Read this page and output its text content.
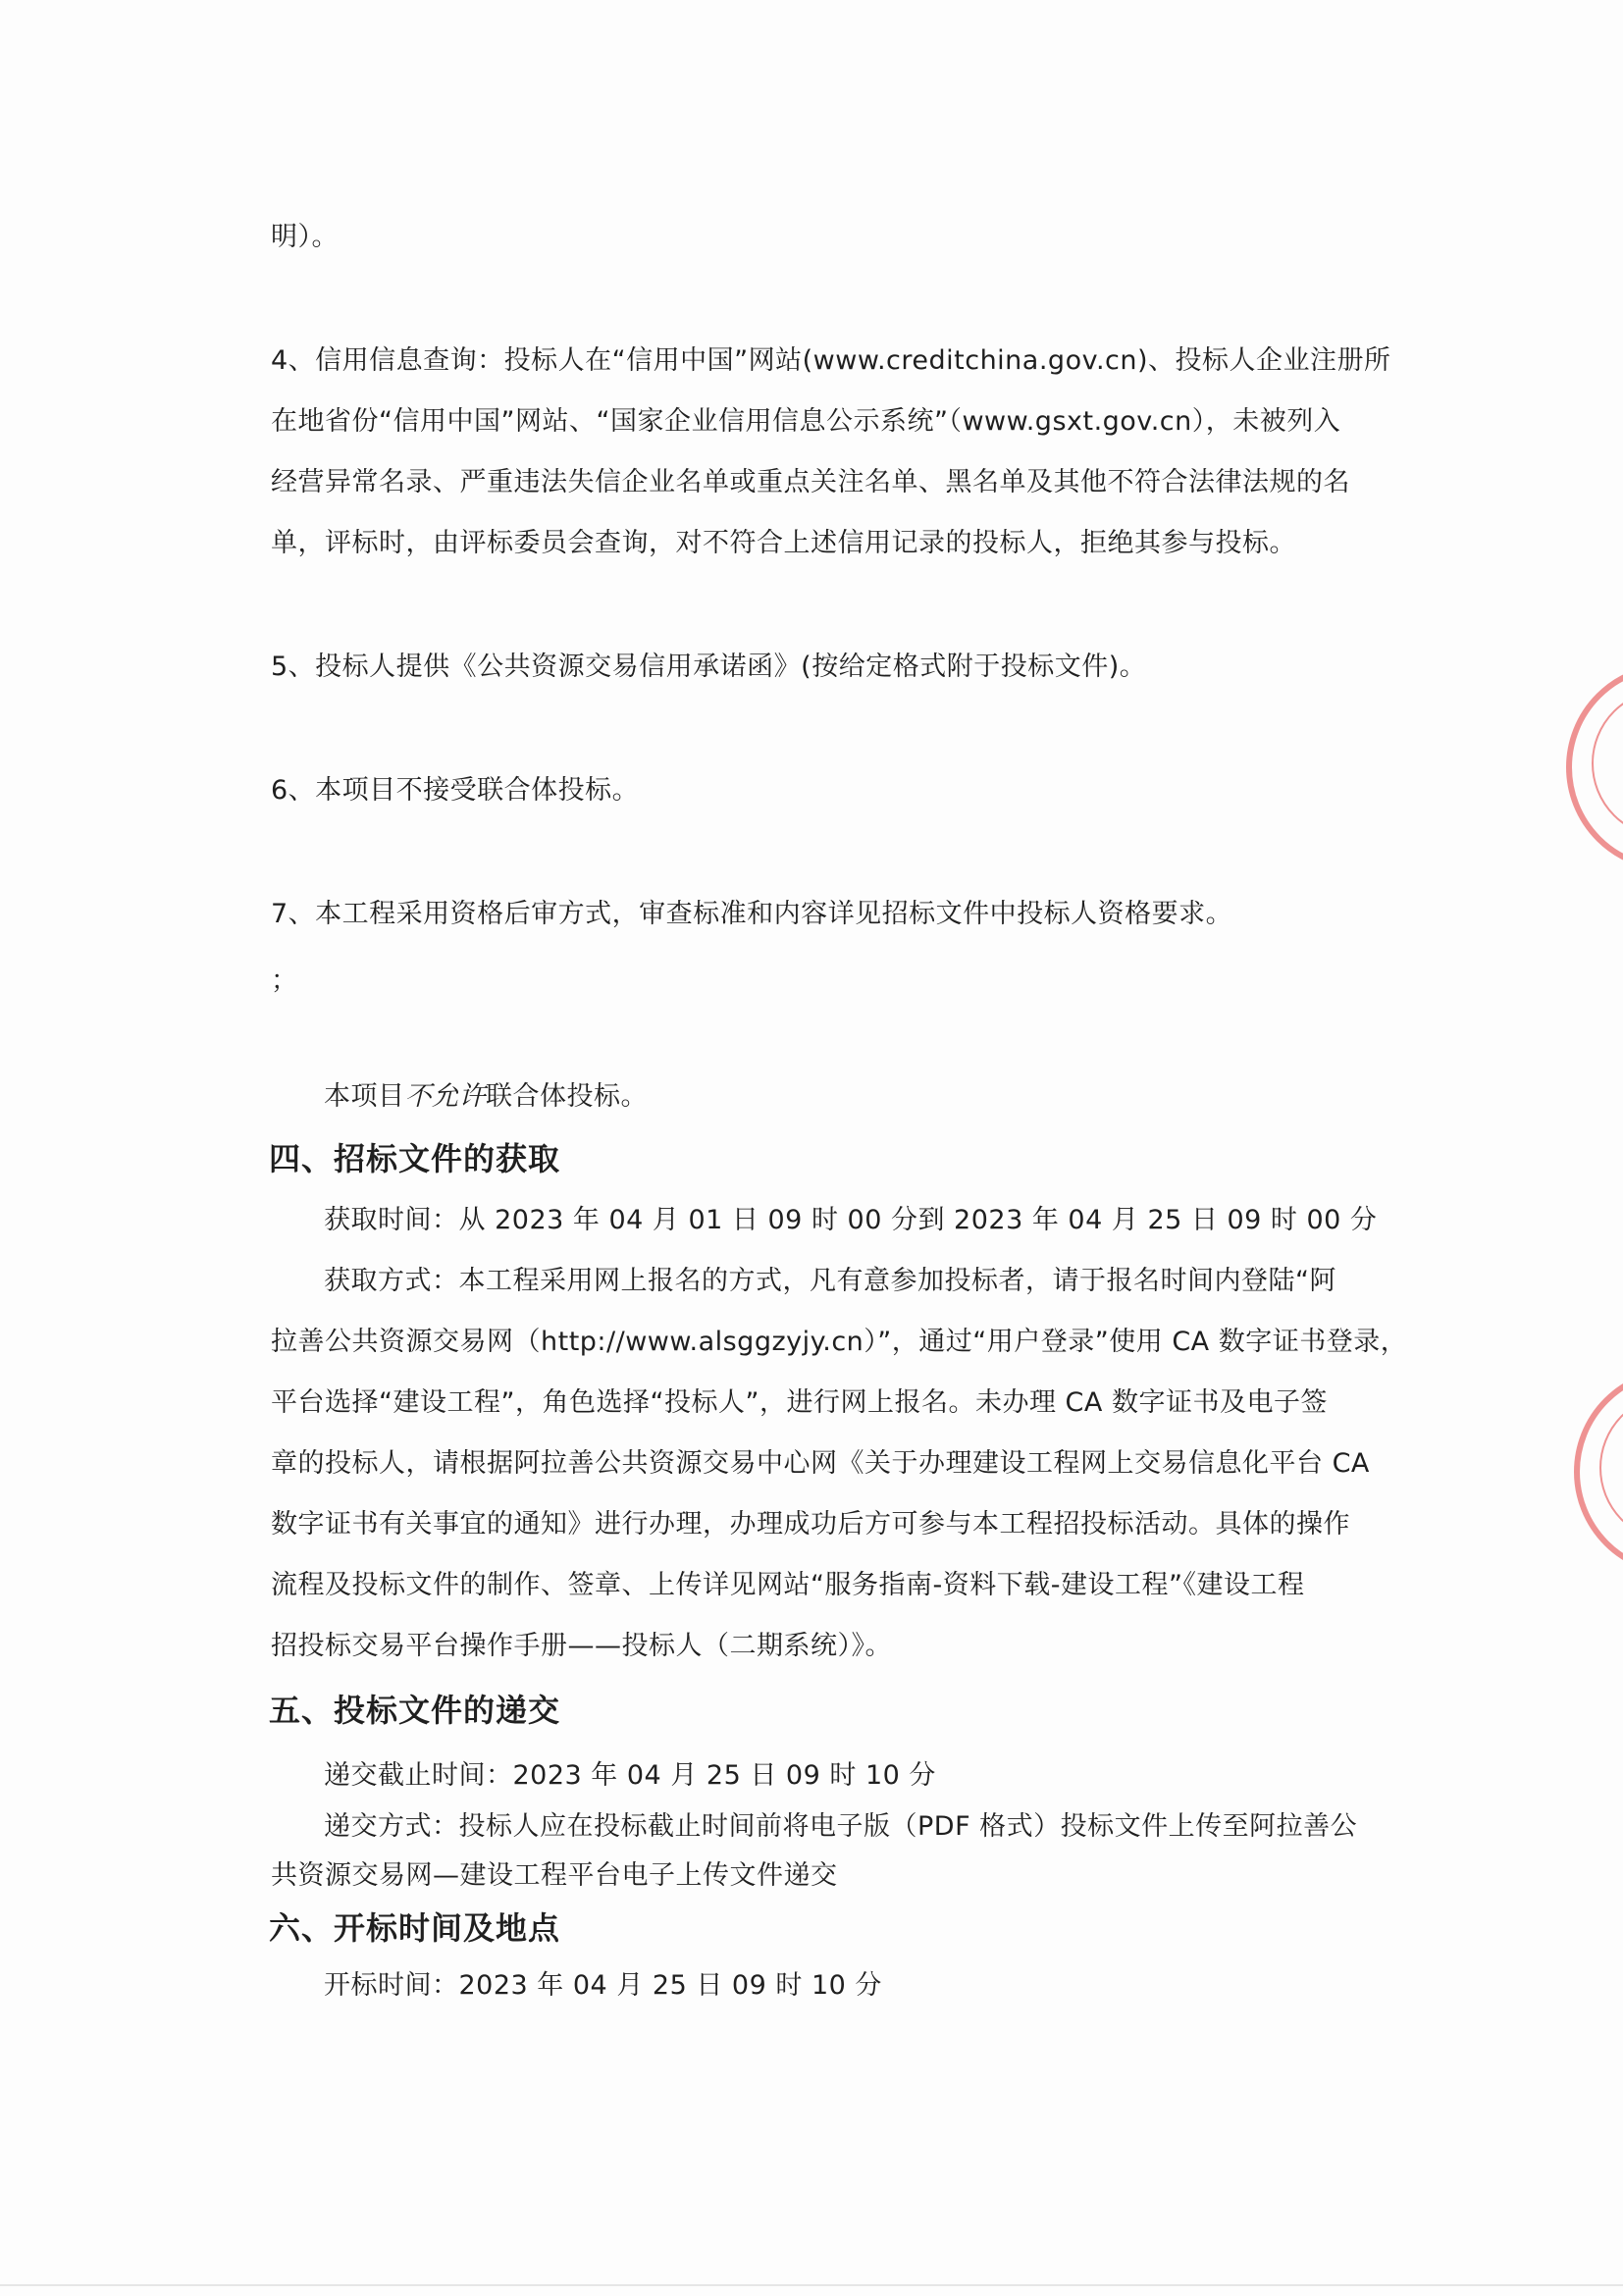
明）。
4、信用信息查询：投标人在“信用中国”网站(www.creditchina.gov.cn)、投标人企业注册所
在地省份“信用中国”网站、“国家企业信用信息公示系统”（www.gsxt.gov.cn），未被列入
经营异常名录、严重违法失信企业名单或重点关注名单、黑名单及其他不符合法律法规的名
单，评标时，由评标委员会查询，对不符合上述信用记录的投标人，拒绝其参与投标。
5、投标人提供《公共资源交易信用承诺函》(按给定格式附于投标文件)。
6、本项目不接受联合体投标。
7、本工程采用资格后审方式，审查标准和内容详见招标文件中投标人资格要求。
；
本项目不允许联合体投标。
四、招标文件的获取
获取时间：从 2023 年 04 月 01 日 09 时 00 分到 2023 年 04 月 25 日 09 时 00 分
获取方式：本工程采用网上报名的方式，凡有意参加投标者，请于报名时间内登陆“阿
拉善公共资源交易网（http://www.alsggzyjy.cn）”，通过“用户登录”使用 CA 数字证书登录，
平台选择“建设工程”，角色选择“投标人”，进行网上报名。未办理 CA 数字证书及电子签
章的投标人，请根据阿拉善公共资源交易中心网《关于办理建设工程网上交易信息化平台 CA
数字证书有关事宜的通知》进行办理，办理成功后方可参与本工程招投标活动。具体的操作
流程及投标文件的制作、签章、上传详见网站“服务指南-资料下载-建设工程”《建设工程
招投标交易平台操作手册——投标人（二期系统）》。
五、投标文件的递交
递交截止时间：2023 年 04 月 25 日 09 时 10 分
递交方式：投标人应在投标截止时间前将电子版（PDF 格式）投标文件上传至阿拉善公
共资源交易网—建设工程平台电子上传文件递交
六、开标时间及地点
开标时间：2023 年 04 月 25 日 09 时 10 分
